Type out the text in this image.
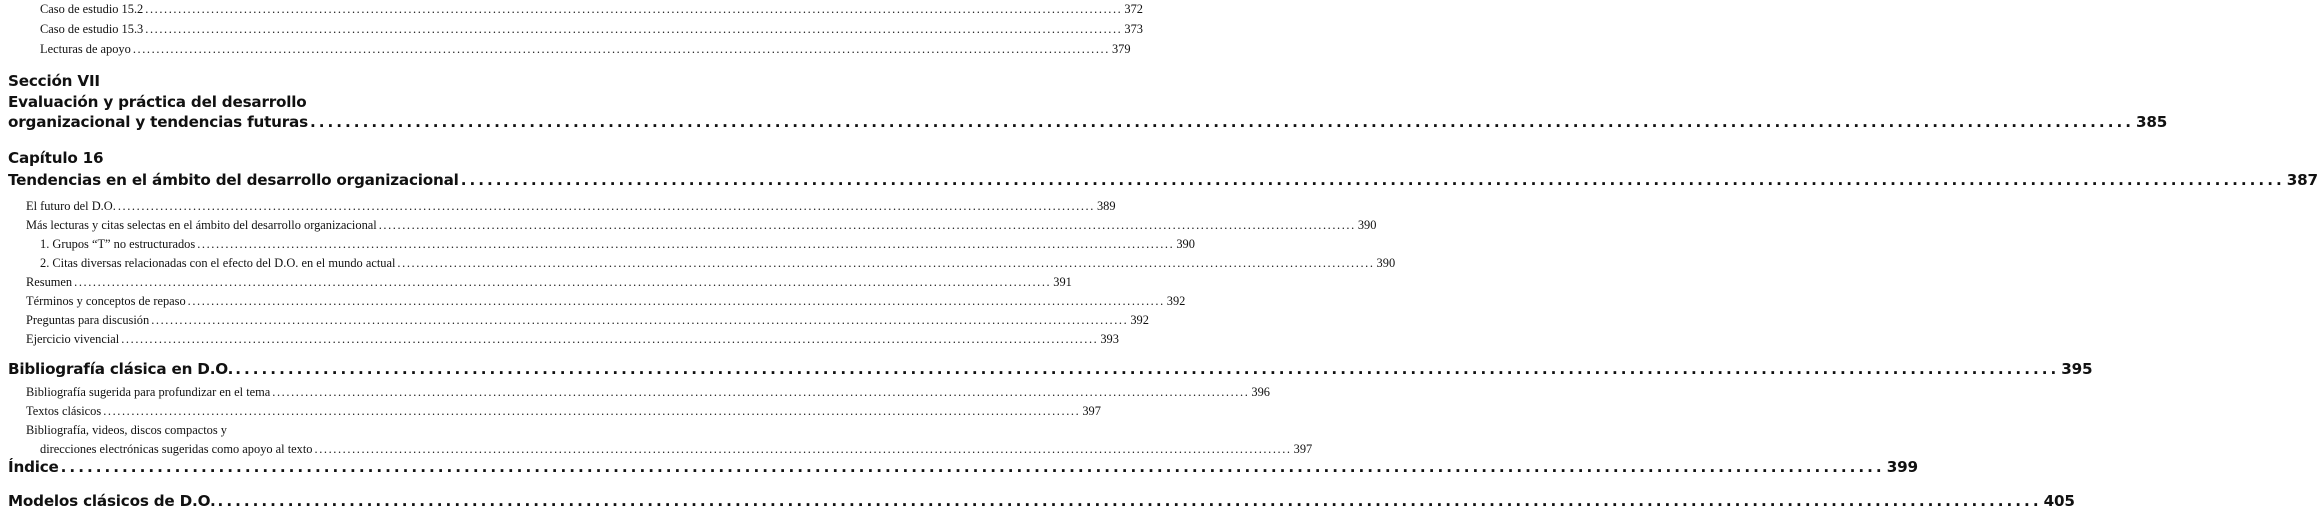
Caso de estudio 15.2 ................................................................................................................................................................................................................ 372
Caso de estudio 15.3 ................................................................................................................................................................................................................ 373
Lecturas de apoyo ................................................................................................................................................................................................................ 379
Sección VII
Evaluación y práctica del desarrollo
organizacional y tendencias futuras ................................................................................................................................................................................................................ 385
Capítulo 16
Tendencias en el ámbito del desarrollo organizacional ................................................................................................................................................................................................................ 387
El futuro del D.O. ................................................................................................................................................................................................................ 389
Más lecturas y citas selectas en el ámbito del desarrollo organizacional ................................................................................................................................................................................................................ 390
1. Grupos “T” no estructurados ................................................................................................................................................................................................................ 390
2. Citas diversas relacionadas con el efecto del D.O. en el mundo actual ................................................................................................................................................................................................................ 390
Resumen ................................................................................................................................................................................................................ 391
Términos y conceptos de repaso ................................................................................................................................................................................................................ 392
Preguntas para discusión ................................................................................................................................................................................................................ 392
Ejercicio vivencial ................................................................................................................................................................................................................ 393
Bibliografía clásica en D.O. ................................................................................................................................................................................................................ 395
Bibliografía sugerida para profundizar en el tema ................................................................................................................................................................................................................ 396
Textos clásicos ................................................................................................................................................................................................................ 397
Bibliografía, videos, discos compactos y
direcciones electrónicas sugeridas como apoyo al texto ................................................................................................................................................................................................................ 397
Índice ................................................................................................................................................................................................................ 399
Modelos clásicos de D.O. ................................................................................................................................................................................................................ 405
